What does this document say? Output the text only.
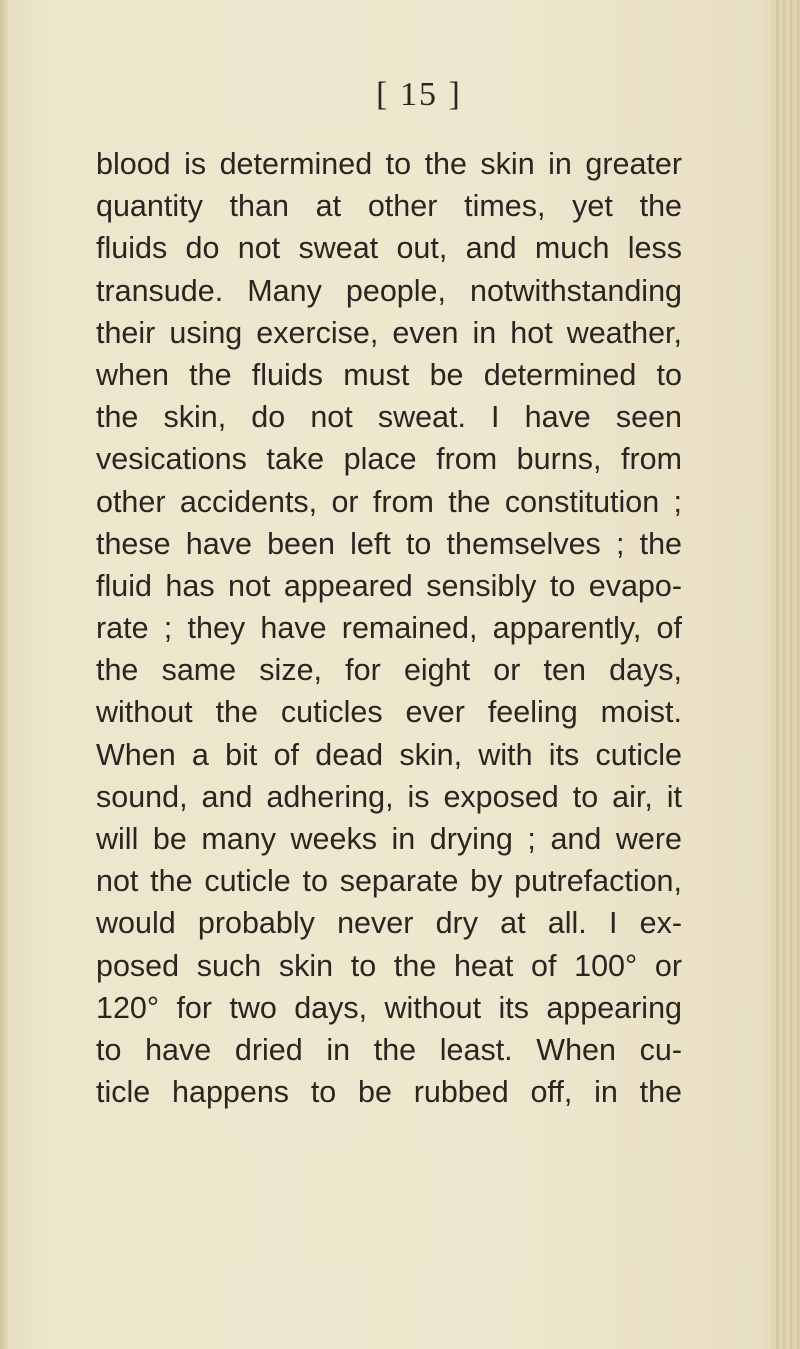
[ 15 ]
blood is determined to the skin in greater
quantity than at other times, yet the
fluids do not sweat out, and much less
transude. Many people, notwithstanding
their using exercise, even in hot weather,
when the fluids must be determined to
the skin, do not sweat. I have seen
vesications take place from burns, from
other accidents, or from the constitution ;
these have been left to themselves ; the
fluid has not appeared sensibly to evapo-
rate ; they have remained, apparently, of
the same size, for eight or ten days,
without the cuticles ever feeling moist.
When a bit of dead skin, with its cuticle
sound, and adhering, is exposed to air, it
will be many weeks in drying ; and were
not the cuticle to separate by putrefaction,
would probably never dry at all. I ex-
posed such skin to the heat of 100° or
120° for two days, without its appearing
to have dried in the least. When cu-
ticle happens to be rubbed off, in the
